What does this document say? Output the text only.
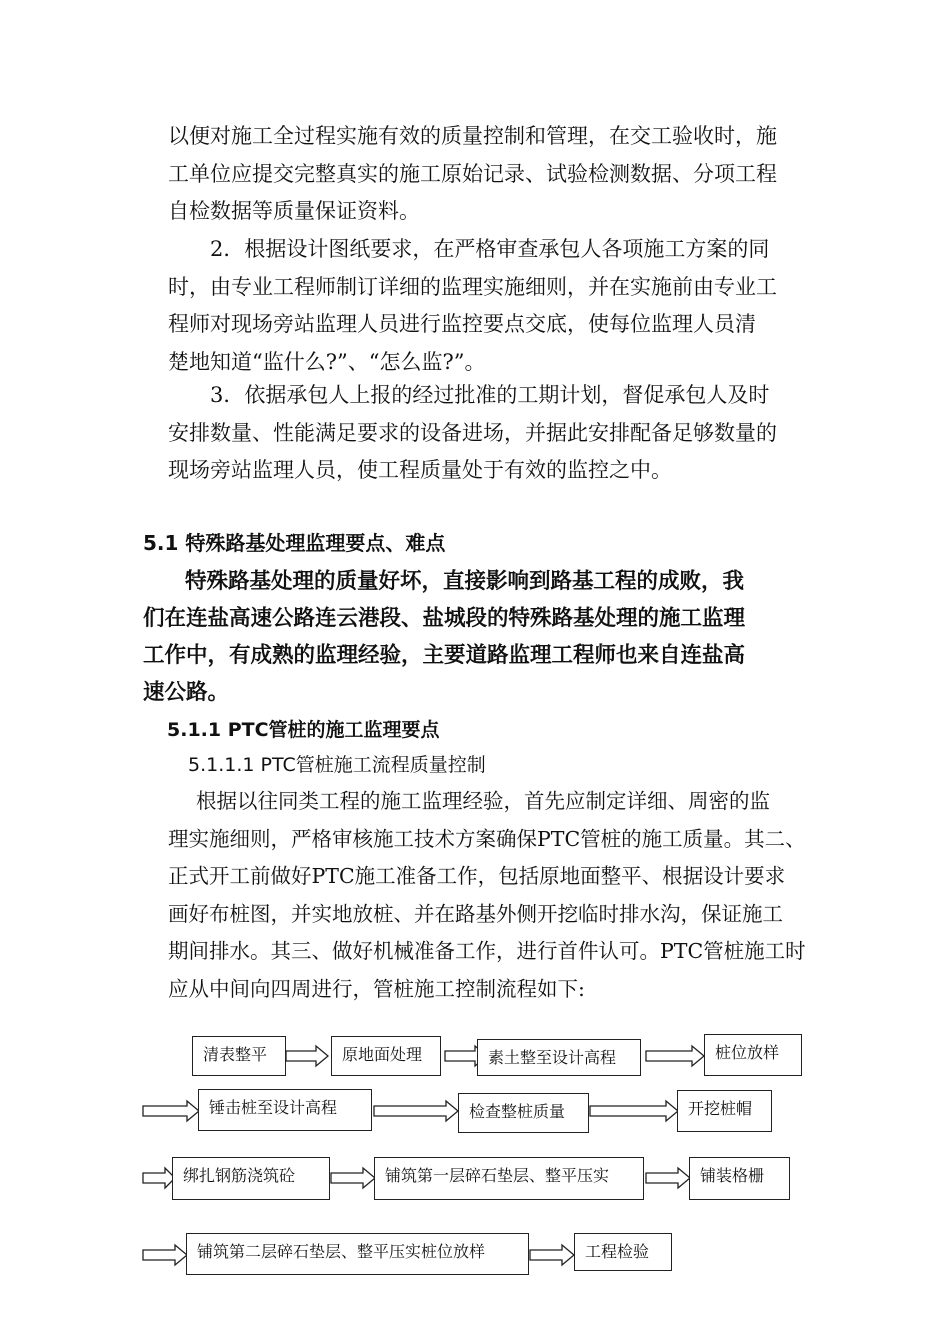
以便对施工全过程实施有效的质量控制和管理，在交工验收时，施
工单位应提交完整真实的施工原始记录、试验检测数据、分项工程
自检数据等质量保证资料。
2．根据设计图纸要求，在严格审查承包人各项施工方案的同
时，由专业工程师制订详细的监理实施细则，并在实施前由专业工
程师对现场旁站监理人员进行监控要点交底，使每位监理人员清
楚地知道“监什么?”、“怎么监?”。
3．依据承包人上报的经过批准的工期计划，督促承包人及时
安排数量、性能满足要求的设备进场，并据此安排配备足够数量的
现场旁站监理人员，使工程质量处于有效的监控之中。
5.1 特殊路基处理监理要点、难点
特殊路基处理的质量好坏，直接影响到路基工程的成败，我
们在连盐高速公路连云港段、盐城段的特殊路基处理的施工监理
工作中，有成熟的监理经验，主要道路监理工程师也来自连盐高
速公路。
5.1.1 PTC管桩的施工监理要点
5.1.1.1 PTC管桩施工流程质量控制
根据以往同类工程的施工监理经验，首先应制定详细、周密的监
理实施细则，严格审核施工技术方案确保PTC管桩的施工质量。其二、
正式开工前做好PTC施工准备工作，包括原地面整平、根据设计要求
画好布桩图，并实地放桩、并在路基外侧开挖临时排水沟，保证施工
期间排水。其三、做好机械准备工作，进行首件认可。PTC管桩施工时
应从中间向四周进行，管桩施工控制流程如下:
清表整平	原地面处理	素土整至设计高程	桩位放样
锤击桩至设计高程	检查整桩质量	开挖桩帽
绑扎钢筋浇筑砼	铺筑第一层碎石垫层、整平压实	铺装格栅
铺筑第二层碎石垫层、整平压实桩位放样	工程检验
